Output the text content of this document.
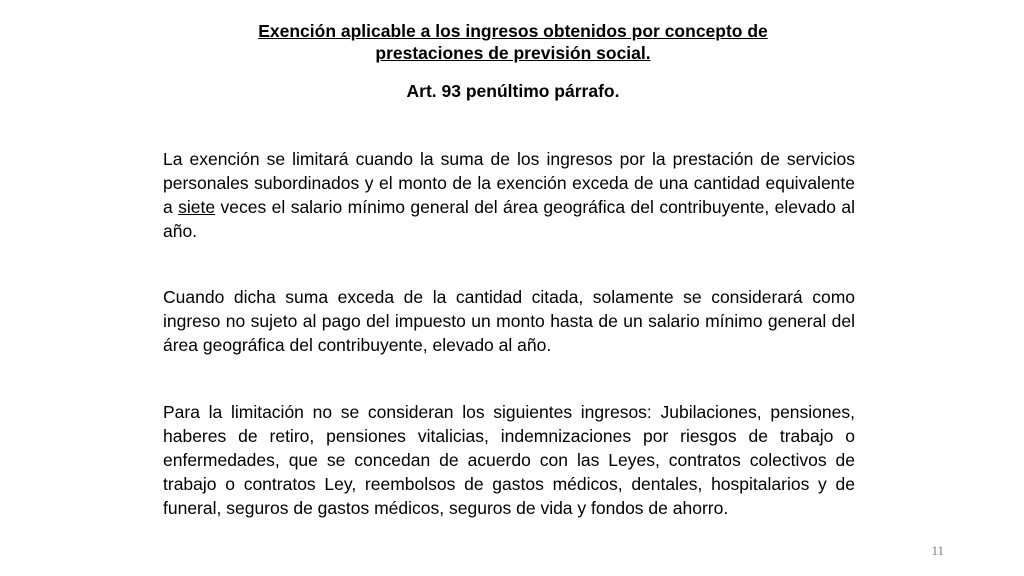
Exención aplicable a los ingresos obtenidos por concepto de prestaciones de previsión social.
Art. 93 penúltimo párrafo.

La exención se limitará cuando la suma de los ingresos por la prestación de servicios personales subordinados y el monto de la exención exceda de una cantidad equivalente a siete veces el salario mínimo general del área geográfica del contribuyente, elevado al año.

Cuando dicha suma exceda de la cantidad citada, solamente se considerará como ingreso no sujeto al pago del impuesto un monto hasta de un salario mínimo general del área geográfica del contribuyente, elevado al año.

Para la limitación no se consideran los siguientes ingresos: Jubilaciones, pensiones, haberes de retiro, pensiones vitalicias, indemnizaciones por riesgos de trabajo o enfermedades, que se concedan de acuerdo con las Leyes, contratos colectivos de trabajo o contratos Ley, reembolsos de gastos médicos, dentales, hospitalarios y de funeral, seguros de gastos médicos, seguros de vida y fondos de ahorro.

11
